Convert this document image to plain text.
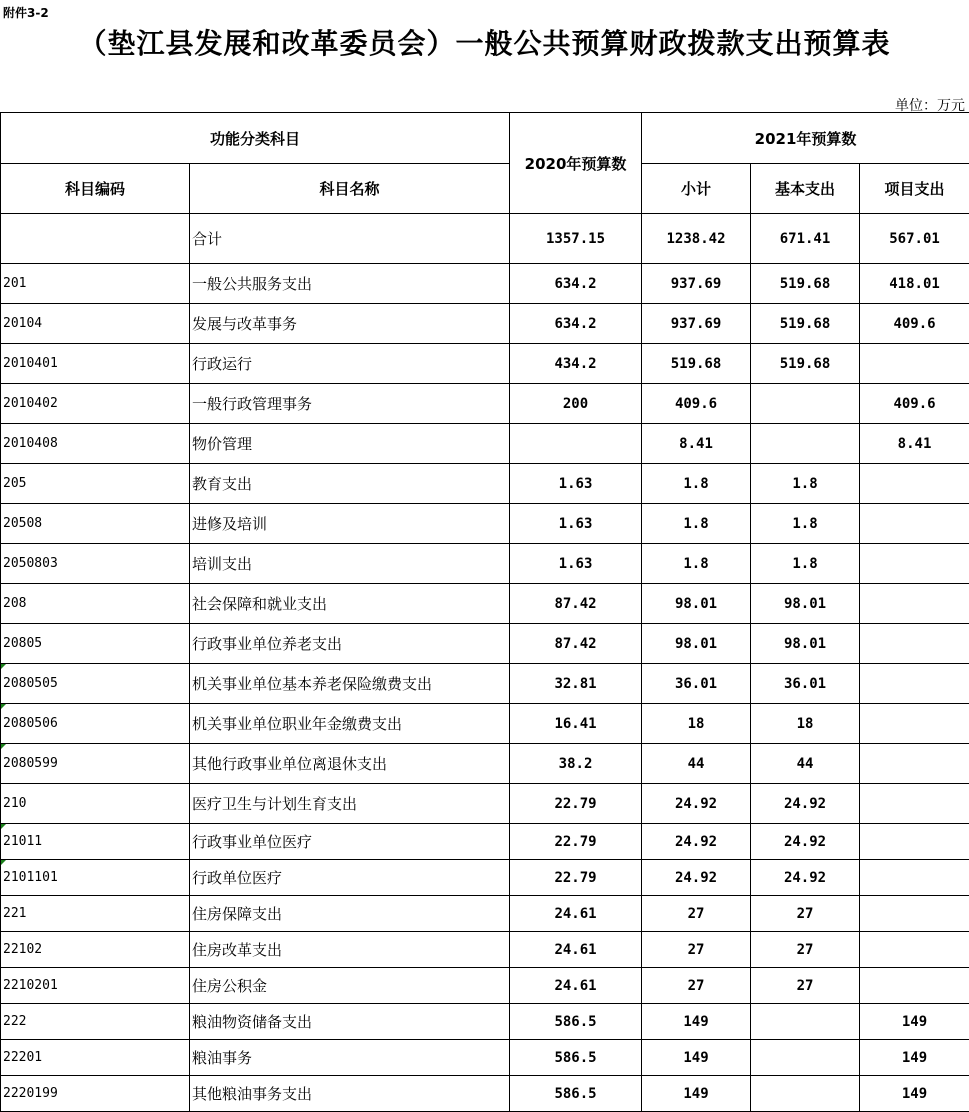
附件3-2
（垫江县发展和改革委员会）一般公共预算财政拨款支出预算表
单位：万元
功能分类科目		2020年预算数	2021年预算数		
科目编码	科目名称		小计	基本支出	项目支出
	合计	1357.15	1238.42	671.41	567.01
201	一般公共服务支出	634.2	937.69	519.68	418.01
20104	发展与改革事务	634.2	937.69	519.68	409.6
2010401	行政运行	434.2	519.68	519.68	
2010402	一般行政管理事务	200	409.6		409.6
2010408	物价管理		8.41		8.41
205	教育支出	1.63	1.8	1.8	
20508	进修及培训	1.63	1.8	1.8	
2050803	培训支出	1.63	1.8	1.8	
208	社会保障和就业支出	87.42	98.01	98.01	
20805	行政事业单位养老支出	87.42	98.01	98.01	

2080505	机关事业单位基本养老保险缴费支出	32.81	36.01	36.01	

2080506	机关事业单位职业年金缴费支出	16.41	18	18	

2080599	其他行政事业单位离退休支出	38.2	44	44	
210	医疗卫生与计划生育支出	22.79	24.92	24.92	

21011	行政事业单位医疗	22.79	24.92	24.92	

2101101	行政单位医疗	22.79	24.92	24.92	
221	住房保障支出	24.61	27	27	
22102	住房改革支出	24.61	27	27	
2210201	住房公积金	24.61	27	27	
222	粮油物资储备支出	586.5	149		149
22201	粮油事务	586.5	149		149
2220199	其他粮油事务支出	586.5	149		149
